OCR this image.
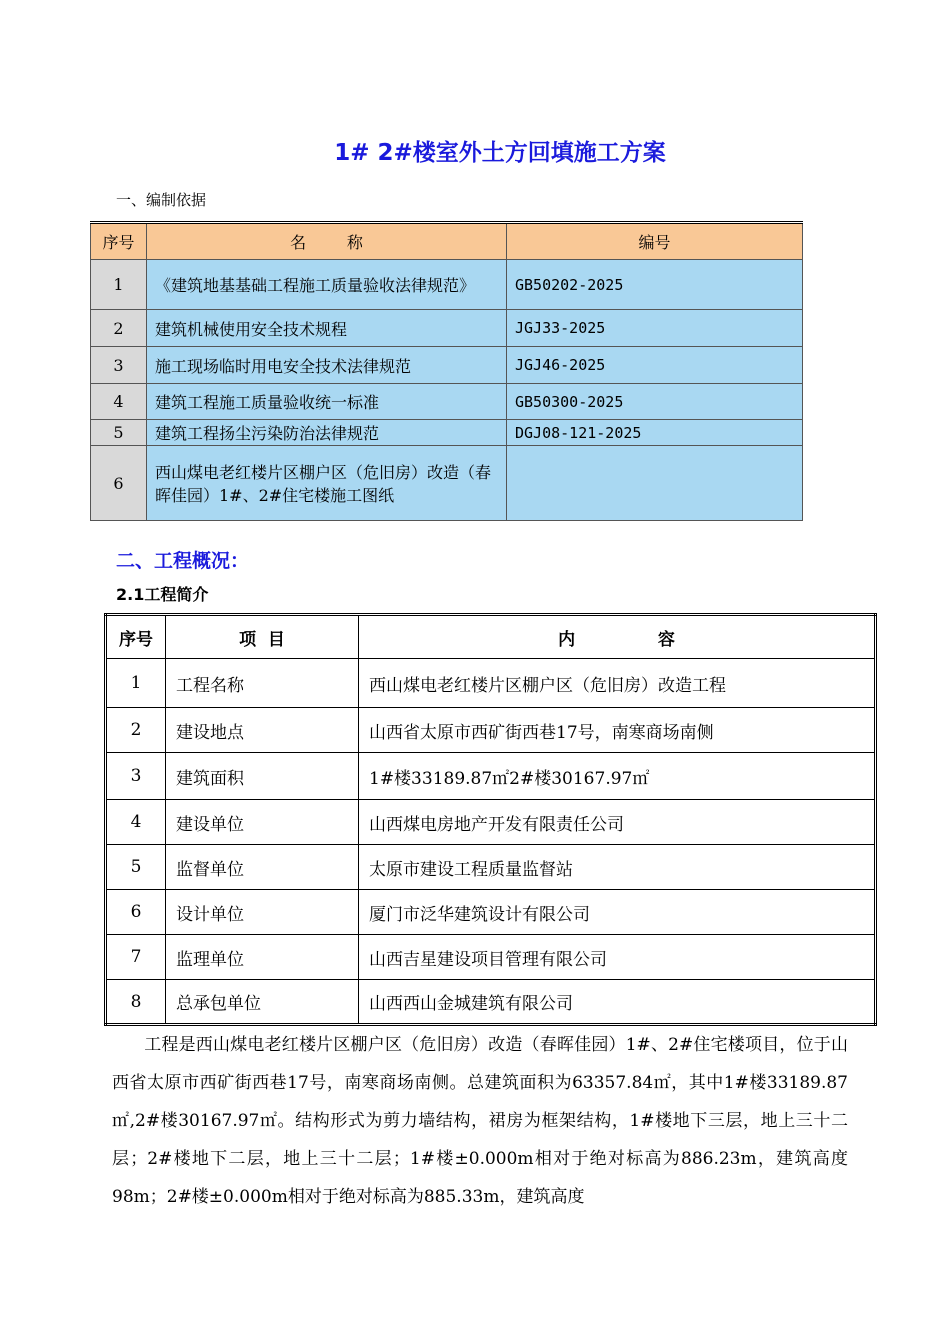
1# 2#楼室外土方回填施工方案
一、编制依据
序号	名        称	编号
1	《建筑地基基础工程施工质量验收法律规范》	GB50202-2025
2	建筑机械使用安全技术规程	JGJ33-2025
3	施工现场临时用电安全技术法律规范	JGJ46-2025
4	建筑工程施工质量验收统一标准	GB50300-2025
5	建筑工程扬尘污染防治法律规范	DGJ08-121-2025
6	西山煤电老红楼片区棚户区（危旧房）改造（春晖佳园）1#、2#住宅楼施工图纸	
二、工程概况：
2.1工程简介
序号	项  目	内              容
1	工程名称	西山煤电老红楼片区棚户区（危旧房）改造工程
2	建设地点	山西省太原市西矿街西巷17号，南寒商场南侧
3	建筑面积	1#楼33189.87㎡2#楼30167.97㎡
4	建设单位	山西煤电房地产开发有限责任公司
5	监督单位	太原市建设工程质量监督站
6	设计单位	厦门市泛华建筑设计有限公司
7	监理单位	山西吉星建设项目管理有限公司
8	总承包单位	山西西山金城建筑有限公司
工程是西山煤电老红楼片区棚户区（危旧房）改造（春晖佳园）1#、2#住宅楼项目，位于山西省太原市西矿街西巷17号，南寒商场南侧。总建筑面积为63357.84㎡，其中1#楼33189.87㎡,2#楼30167.97㎡。结构形式为剪力墙结构，裙房为框架结构，1#楼地下三层，地上三十二层；2#楼地下二层，地上三十二层；1#楼±0.000m相对于绝对标高为886.23m，建筑高度98m；2#楼±0.000m相对于绝对标高为885.33m，建筑高度
